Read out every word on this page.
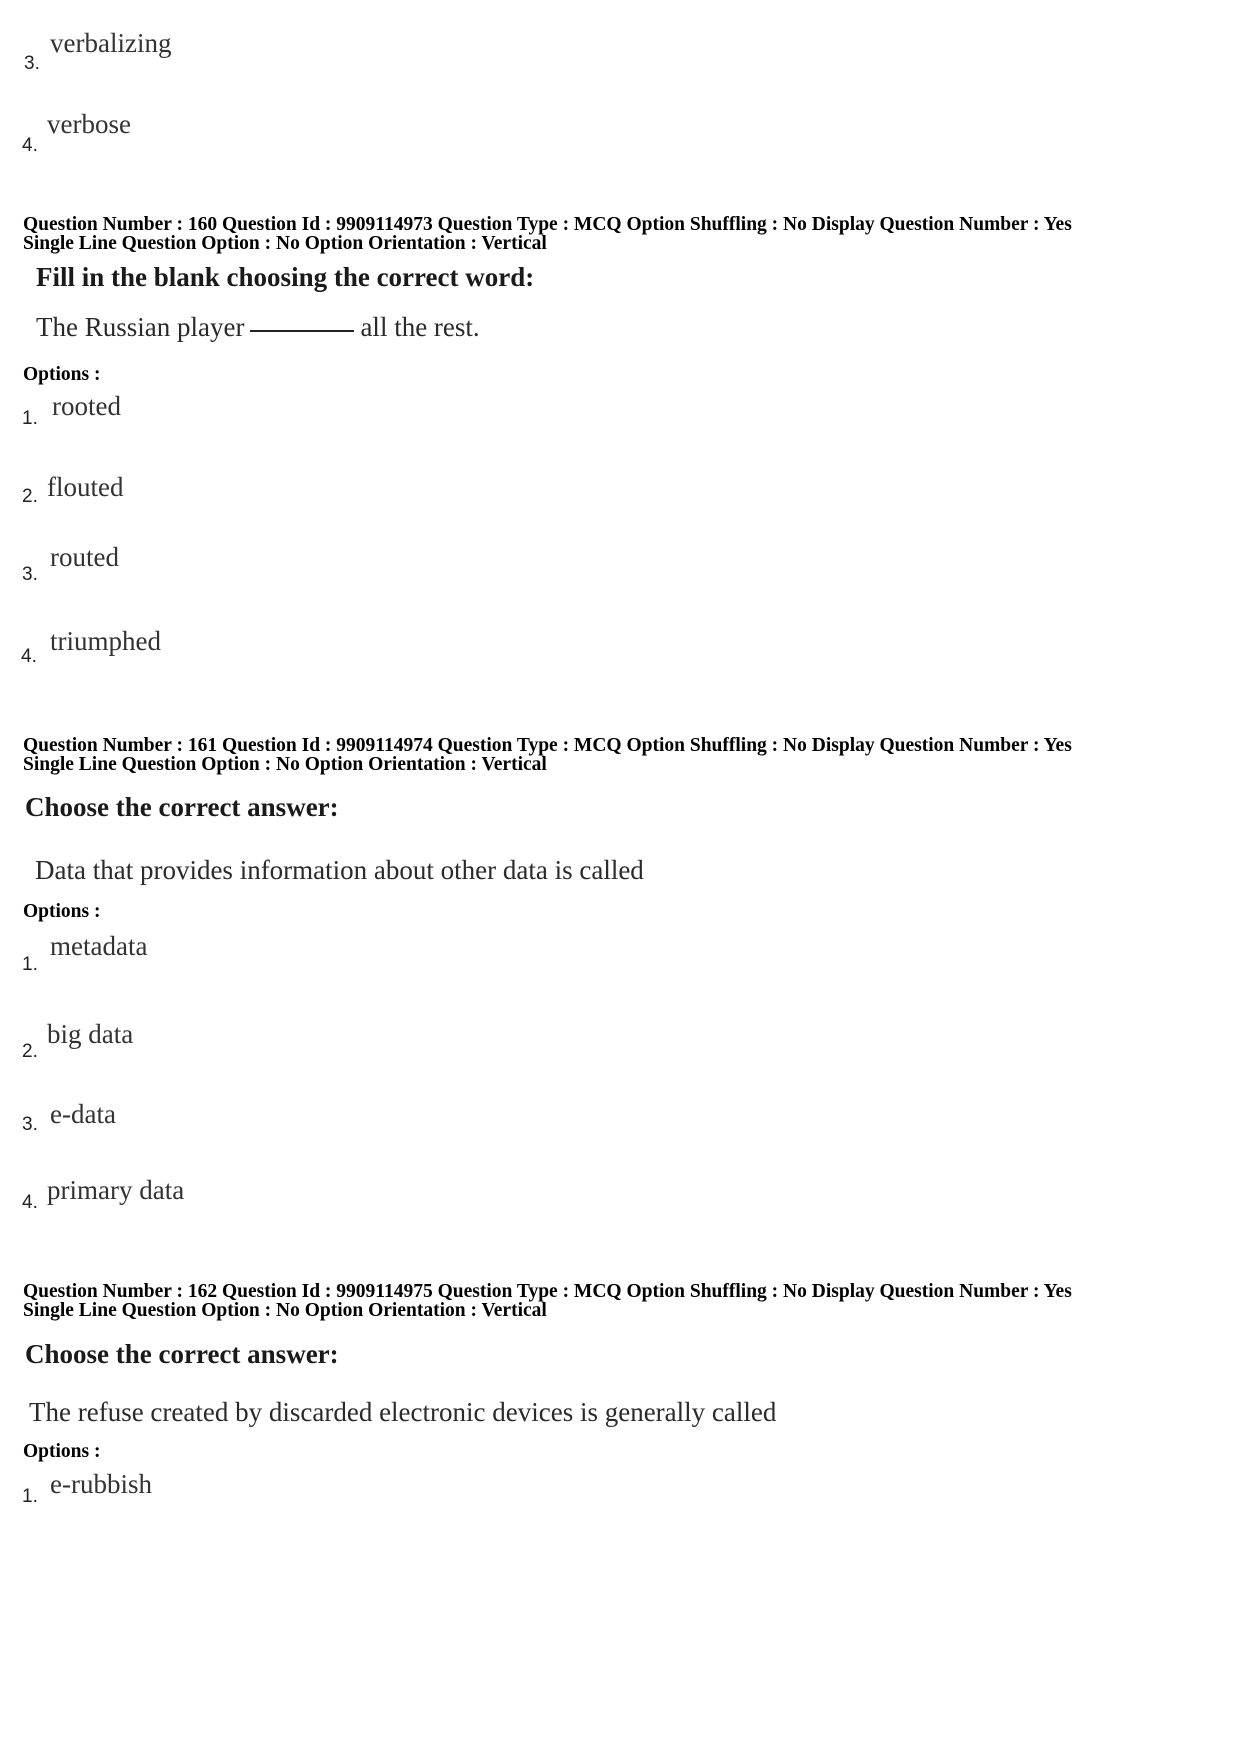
3.
verbalizing
4.
verbose
Question Number : 160 Question Id : 9909114973 Question Type : MCQ Option Shuffling : No Display Question Number : Yes
Single Line Question Option : No Option Orientation : Vertical
Fill in the blank choosing the correct word:
The Russian player	all the rest.
Options :
1. rooted
2. flouted
3.
routed
4.
triumphed
Question Number : 161 Question Id : 9909114974 Question Type : MCQ Option Shuffling : No Display Question Number : Yes
Single Line Question Option : No Option Orientation : Vertical
Choose the correct answer:
Data that provides information about other data is called
Options :
1.
metadata
2.
big data
3. e-data
4. primary data
Question Number : 162 Question Id : 9909114975 Question Type : MCQ Option Shuffling : No Display Question Number : Yes
Single Line Question Option : No Option Orientation : Vertical
Choose the correct answer:
The refuse created by discarded electronic devices is generally called
Options :
1. e-rubbish
